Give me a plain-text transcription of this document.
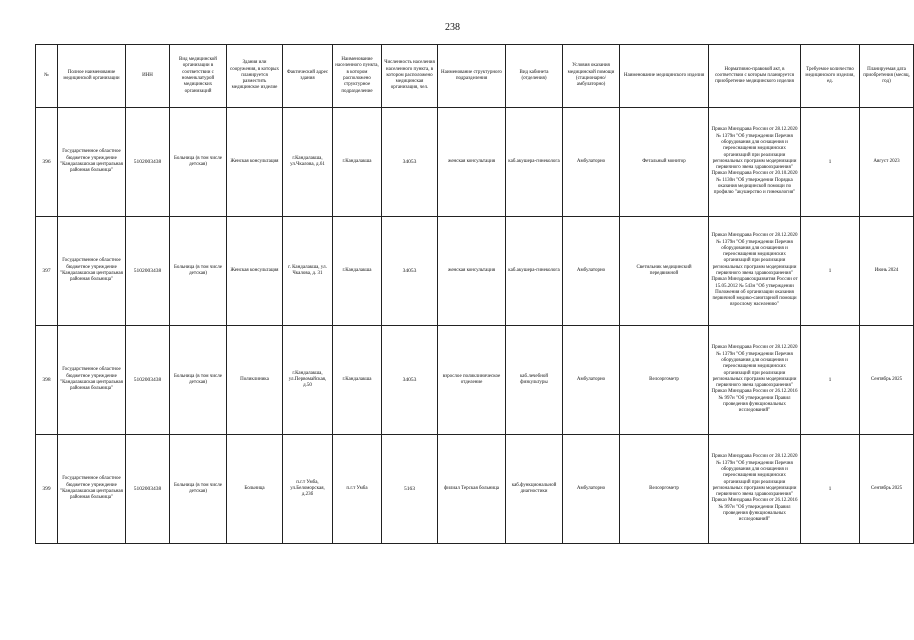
238
№	Полное наименование медицинской организации	ИНН	Вид медицинской организации в соответствии с номенклатурой медицинских организаций	Здания или сооружения, в которых планируется разместить медицинское изделие	Фактический адрес здания	Наименование населенного пункта, в котором расположено структурное подразделение	Численность населения населенного пункта, в котором расположено медицинская организация, чел.	Наименование структурного подразделения	Вид кабинета (отделения)	Условия оказания медицинской помощи (стационарно/амбулаторно)	Наименование медицинского изделия	Нормативно-правовой акт, в соответствии с которым планируется приобретение медицинского изделия	Требуемое количество медицинского изделия, ед.	Планируемая дата приобретения (месяц, год)
396	Государственное областное бюджетное учреждение "Кандалакшская центральная районная больница"	5102003438	Больница (в том числе детская)	Женская консультация	г.Кандалакша, ул.Чкалова, д.61	г.Кандалакша	34053	женская консультация	каб.акушера-гинеколога	Амбулаторно	Фетальный монитор	Приказ Минздрава России от 28.12.2020 № 1379н "Об утверждении Перечня оборудования для оснащения и переоснащения медицинских организаций при реализации региональных программ модернизации первичного звена здравоохранения" Приказ Минздрава России от 20.10.2020 № 1130н "Об утверждении Порядка оказания медицинской помощи по профилю "акушерство и гинекология"	1	Август 2023
397	Государственное областное бюджетное учреждение "Кандалакшская центральная районная больница"	5102003438	Больница (в том числе детская)	Женская консультация	г. Кандалакша, ул. Чкалова, д. 31	г.Кандалакша	34053	женская консультация	каб.акушера-гинеколога	Амбулаторно	Светильник медицинский передвижной	Приказ Минздрава России от 28.12.2020 № 1379н "Об утверждении Перечня оборудования для оснащения и переоснащения медицинских организаций при реализации региональных программ модернизации первичного звена здравоохранения" Приказ Минздравсоцразвития России от 15.05.2012 № 543н "Об утверждении Положения об организации оказания первичной медико-санитарной помощи взрослому населению"	1	Июнь 2024
398	Государственное областное бюджетное учреждение "Кандалакшская центральная районная больница"	5102003438	Больница (в том числе детская)	Поликлиника	г.Кандалакша, ул.Первомайская, д.50	г.Кандалакша	34053	взрослое поликлиническое отделение	каб.лечебной физкультуры	Амбулаторно	Велоэргометр	Приказ Минздрава России от 28.12.2020 № 1379н "Об утверждении Перечня оборудования для оснащения и переоснащения медицинских организаций при реализации региональных программ модернизации первичного звена здравоохранения" Приказ Минздрава России от 26.12.2016 № 997н "Об утверждении Правил проведения функциональных исследований"	1	Сентябрь 2025
399	Государственное областное бюджетное учреждение "Кандалакшская центральная районная больница"	5102003438	Больница (в том числе детская)	Больница	п.г.т Умба, ул.Беломорская, д.23б	п.г.т Умба	5163	филиал Терская больница	каб.функциональной диагностики	Амбулаторно	Велоэргометр	Приказ Минздрава России от 28.12.2020 № 1379н "Об утверждении Перечня оборудования для оснащения и переоснащения медицинских организаций при реализации региональных программ модернизации первичного звена здравоохранения" Приказ Минздрава России от 26.12.2016 № 997н "Об утверждении Правил проведения функциональных исследований"	1	Сентябрь 2025
